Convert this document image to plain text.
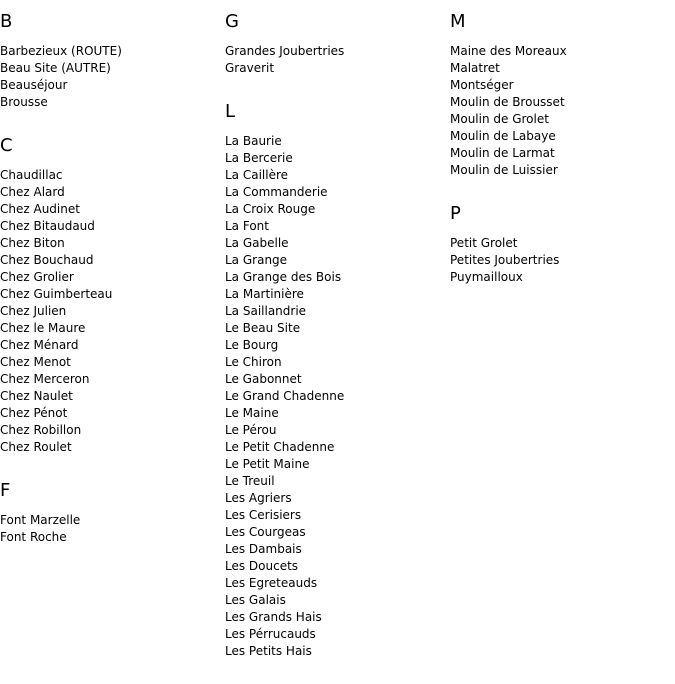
B
Barbezieux (ROUTE)
Beau Site (AUTRE)
Beauséjour
Brousse
C
Chaudillac
Chez Alard
Chez Audinet
Chez Bitaudaud
Chez Biton
Chez Bouchaud
Chez Grolier
Chez Guimberteau
Chez Julien
Chez le Maure
Chez Ménard
Chez Menot
Chez Merceron
Chez Naulet
Chez Pénot
Chez Robillon
Chez Roulet
F
Font Marzelle
Font Roche
G
Grandes Joubertries
Graverit
L
La Baurie
La Bercerie
La Caillère
La Commanderie
La Croix Rouge
La Font
La Gabelle
La Grange
La Grange des Bois
La Martinière
La Saillandrie
Le Beau Site
Le Bourg
Le Chiron
Le Gabonnet
Le Grand Chadenne
Le Maine
Le Pérou
Le Petit Chadenne
Le Petit Maine
Le Treuil
Les Agriers
Les Cerisiers
Les Courgeas
Les Dambais
Les Doucets
Les Egreteauds
Les Galais
Les Grands Hais
Les Pérrucauds
Les Petits Hais
M
Maine des Moreaux
Malatret
Montséger
Moulin de Brousset
Moulin de Grolet
Moulin de Labaye
Moulin de Larmat
Moulin de Luissier
P
Petit Grolet
Petites Joubertries
Puymailloux
